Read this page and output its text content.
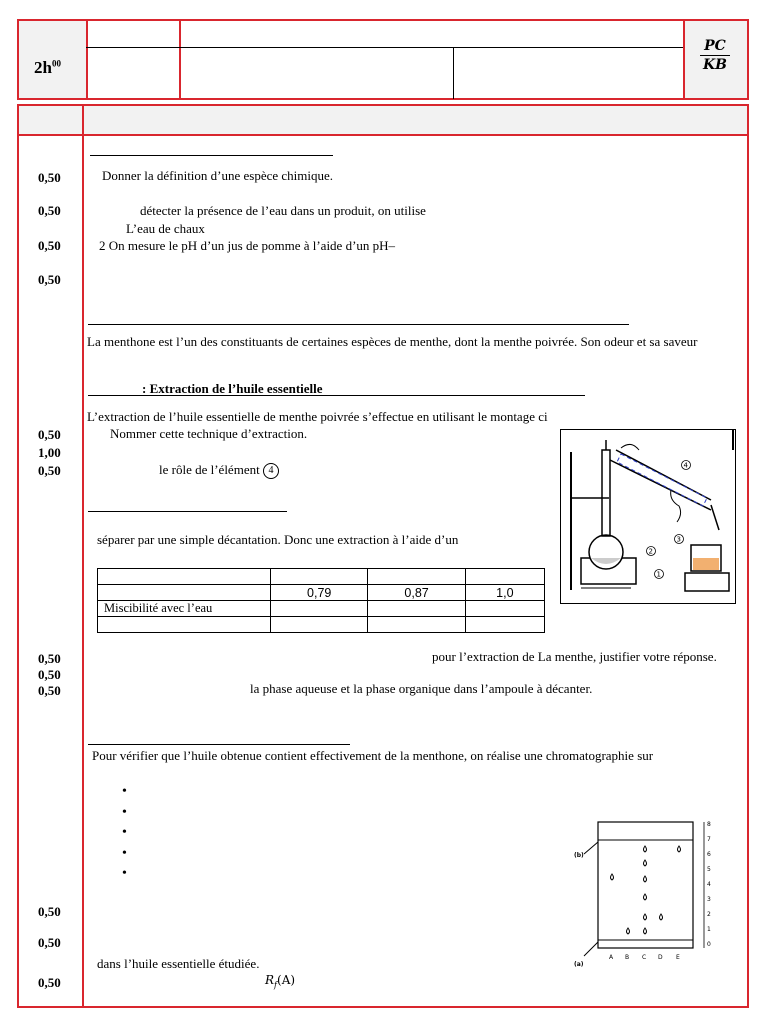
$2h^{00}$
PC
KB
0,50
0,50
0,50
0,50
0,50
1,00
0,50
0,50
0,50
0,50
0,50
0,50
0,50
Donner la définition d’une espèce chimique.
détecter la présence de l’eau dans un produit, on utilise
L’eau de chaux
2 On mesure le pH d’un jus de pomme à l’aide d’un pH–
La menthone est l’un des constituants de certaines espèces de menthe, dont la menthe poivrée. Son odeur et sa saveur
: Extraction de l’huile essentielle
L’extraction de l’huile essentielle de menthe poivrée s’effectue en utilisant le montage ci
Nommer cette technique d’extraction.
le rôle de l’élément 4	4
2
1
3
séparer par une simple décantation. Donc une extraction à l’aide d’un

	0,79	0,87	1,0
Miscibilité avec l’eau			

pour l’extraction de La menthe, justifier votre réponse.
la phase aqueuse et la phase organique dans l’ampoule à décanter.
Pour vérifier que l’huile obtenue contient effectivement de la menthone, on réalise une chromatographie sur
•
•
•
•
•
8
7
6
5
4
3
2
1
0
A B C D E
(b)
(a)
dans l’huile essentielle étudiée.
$R_f(A)$
